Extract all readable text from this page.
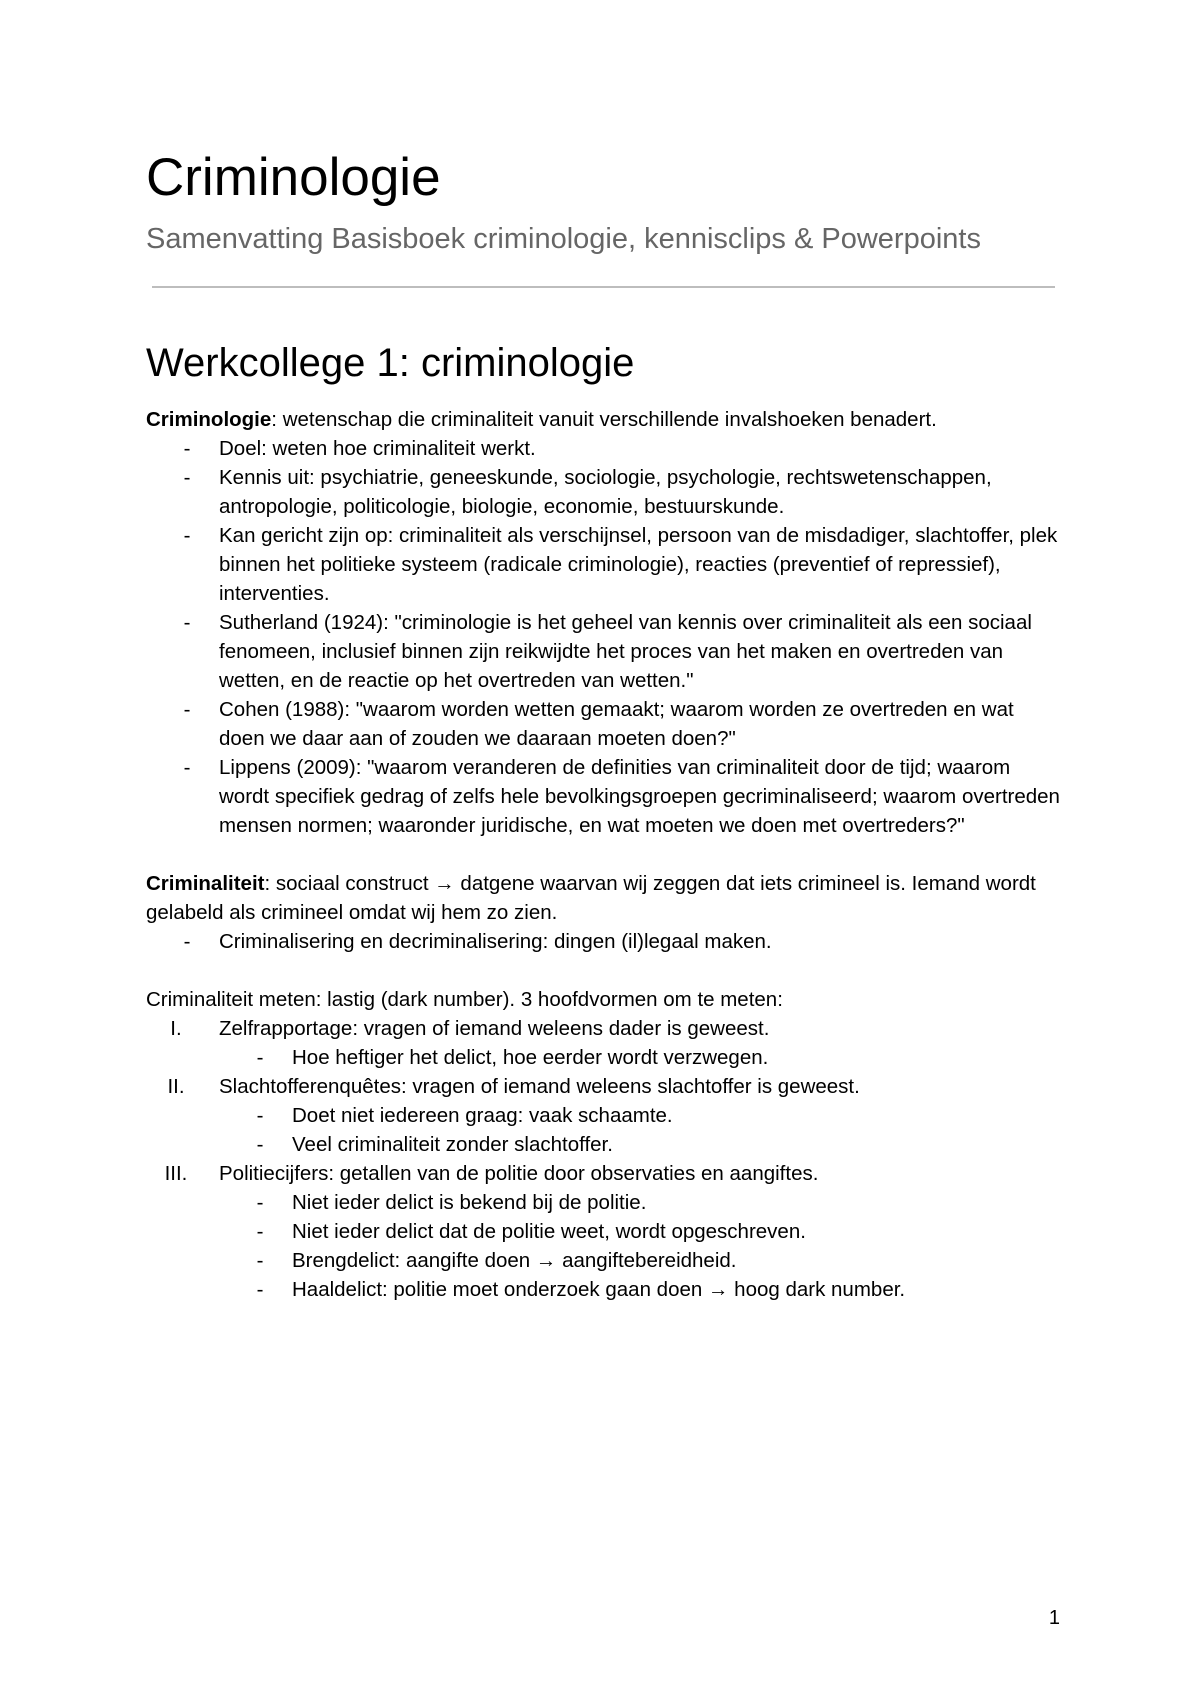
Criminologie

Samenvatting Basisboek criminologie, kennisclips & Powerpoints

Werkcollege 1: criminologie

Criminologie: wetenschap die criminaliteit vanuit verschillende invalshoeken benadert.

-	Doel: weten hoe criminaliteit werkt.
-	Kennis uit: psychiatrie, geneeskunde, sociologie, psychologie, rechtswetenschappen, antropologie, politicologie, biologie, economie, bestuurskunde.
-	Kan gericht zijn op: criminaliteit als verschijnsel, persoon van de misdadiger, slachtoffer, plek binnen het politieke systeem (radicale criminologie), reacties (preventief of repressief), interventies.
-	Sutherland (1924): "criminologie is het geheel van kennis over criminaliteit als een sociaal fenomeen, inclusief binnen zijn reikwijdte het proces van het maken en overtreden van wetten, en de reactie op het overtreden van wetten."
-	Cohen (1988): "waarom worden wetten gemaakt; waarom worden ze overtreden en wat doen we daar aan of zouden we daaraan moeten doen?"
-	Lippens (2009): "waarom veranderen de definities van criminaliteit door de tijd; waarom wordt specifiek gedrag of zelfs hele bevolkingsgroepen gecriminaliseerd; waarom overtreden mensen normen; waaronder juridische, en wat moeten we doen met overtreders?"

Criminaliteit: sociaal construct → datgene waarvan wij zeggen dat iets crimineel is. Iemand wordt gelabeld als crimineel omdat wij hem zo zien.

-	Criminalisering en decriminalisering: dingen (il)legaal maken.

Criminaliteit meten: lastig (dark number). 3 hoofdvormen om te meten:

I.	Zelfrapportage: vragen of iemand weleens dader is geweest.
-	Hoe heftiger het delict, hoe eerder wordt verzwegen.
II.	Slachtofferenquêtes: vragen of iemand weleens slachtoffer is geweest.
-	Doet niet iedereen graag: vaak schaamte.
-	Veel criminaliteit zonder slachtoffer.
III.	Politiecijfers: getallen van de politie door observaties en aangiftes.
-	Niet ieder delict is bekend bij de politie.
-	Niet ieder delict dat de politie weet, wordt opgeschreven.
-	Brengdelict: aangifte doen → aangiftebereidheid.
-	Haaldelict: politie moet onderzoek gaan doen → hoog dark number.
1
